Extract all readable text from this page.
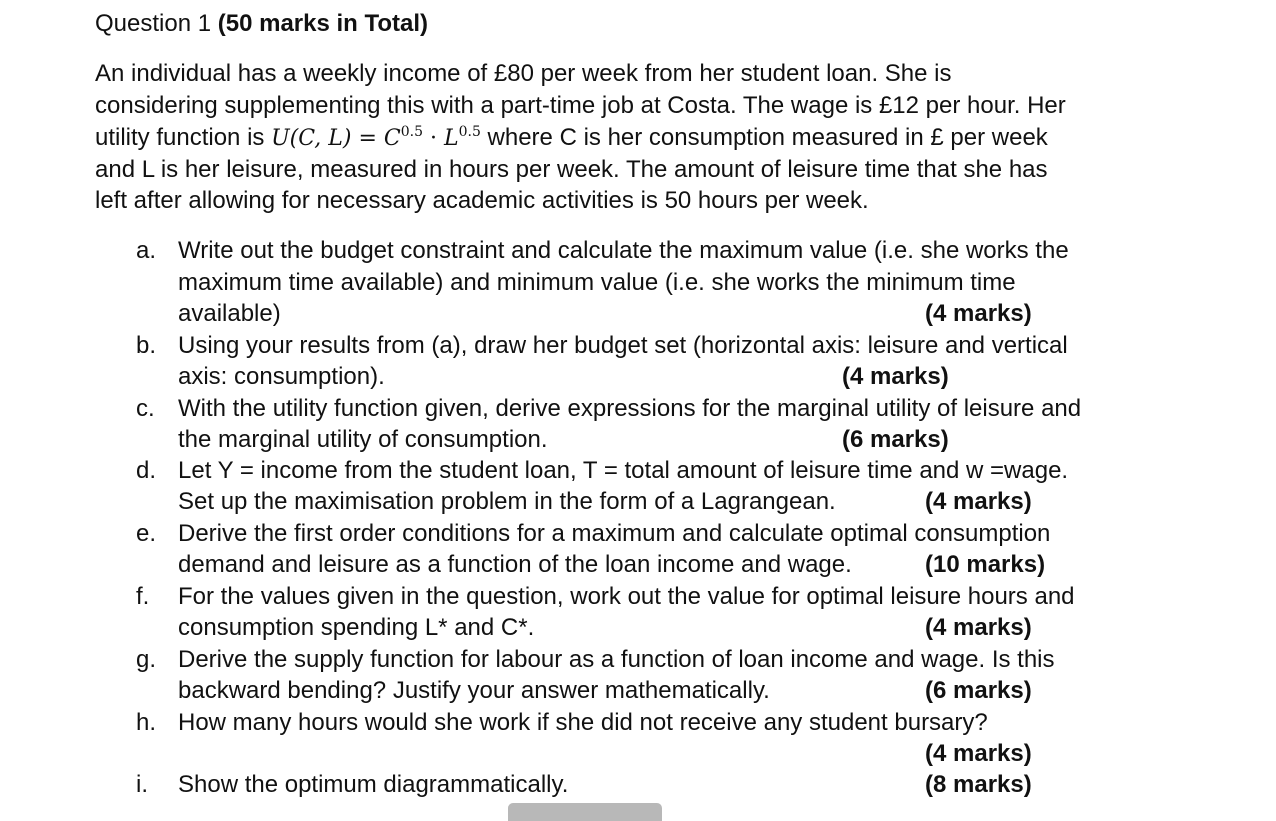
Question 1 (50 marks in Total)
An individual has a weekly income of £80 per week from her student loan. She is
considering supplementing this with a part-time job at Costa. The wage is £12 per hour. Her
utility function is U(C, $L) = C^{0.5} \cdot L^{0.5}$ where C is her consumption measured in £ per week
and L is her leisure, measured in hours per week. The amount of leisure time that she has
left after allowing for necessary academic activities is 50 hours per week.
a. Write out the budget constraint and calculate the maximum value (i.e. she works the
maximum time available) and minimum value (i.e. she works the minimum time
available)	(4 marks)
b. Using your results from (a), draw her budget set (horizontal axis: leisure and vertical
axis: consumption).	(4 marks)
c. With the utility function given, derive expressions for the marginal utility of leisure and
the marginal utility of consumption.	(6 marks)
d. Let Y = income from the student loan, T = total amount of leisure time and w =wage.
Set up the maximisation problem in the form of a Lagrangean.	(4 marks)
e. Derive the first order conditions for a maximum and calculate optimal consumption
demand and leisure as a function of the loan income and wage.	(10 marks)
f.	For the values given in the question, work out the value for optimal leisure hours and
consumption spending L* and C*.	(4 marks)
g. Derive the supply function for labour as a function of loan income and wage. Is this
backward bending? Justify your answer mathematically.	(6 marks)
h. How many hours would she work if she did not receive any student bursary?
(4 marks)
i.	Show the optimum diagrammatically.	(8 marks)
